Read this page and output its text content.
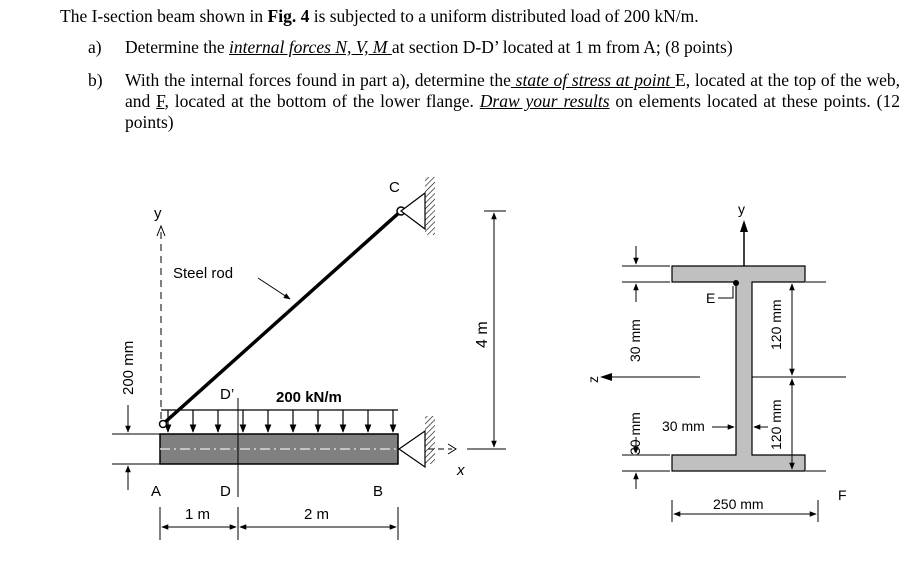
The I-section beam shown in Fig. 4 is subjected to a uniform distributed load of 200 kN/m.
a) Determine the internal forces N, V, M at section D-D’ located at 1 m from A; (8 points)
b) With the internal forces found in part a), determine the state of stress at point E, located at the top of the web, and F, located at the bottom of the lower flange. Draw your results on elements located at these points. (12 points)
y
x
200 kN/m
Steel rod
D’
D
A	B
C
4 m
1 m	2 m
200 mm
y
z
E
F
30 mm
30 mm 30 mm
250 mm
120 mm
120 mm
